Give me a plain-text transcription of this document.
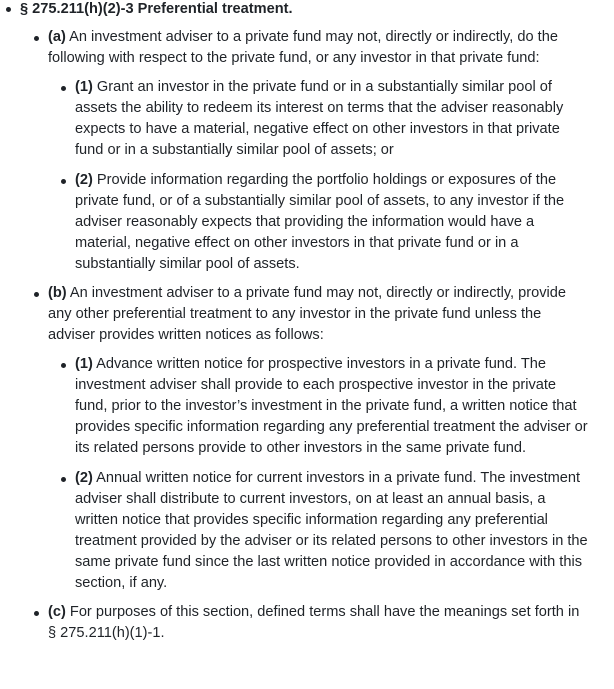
§ 275.211(h)(2)-3 Preferential treatment.
(a) An investment adviser to a private fund may not, directly or indirectly, do the following with respect to the private fund, or any investor in that private fund:
(1) Grant an investor in the private fund or in a substantially similar pool of assets the ability to redeem its interest on terms that the adviser reasonably expects to have a material, negative effect on other investors in that private fund or in a substantially similar pool of assets; or
(2) Provide information regarding the portfolio holdings or exposures of the private fund, or of a substantially similar pool of assets, to any investor if the adviser reasonably expects that providing the information would have a material, negative effect on other investors in that private fund or in a substantially similar pool of assets.
(b) An investment adviser to a private fund may not, directly or indirectly, provide any other preferential treatment to any investor in the private fund unless the adviser provides written notices as follows:
(1) Advance written notice for prospective investors in a private fund. The investment adviser shall provide to each prospective investor in the private fund, prior to the investor’s investment in the private fund, a written notice that provides specific information regarding any preferential treatment the adviser or its related persons provide to other investors in the same private fund.
(2) Annual written notice for current investors in a private fund. The investment adviser shall distribute to current investors, on at least an annual basis, a written notice that provides specific information regarding any preferential treatment provided by the adviser or its related persons to other investors in the same private fund since the last written notice provided in accordance with this section, if any.
(c) For purposes of this section, defined terms shall have the meanings set forth in § 275.211(h)(1)-1.
